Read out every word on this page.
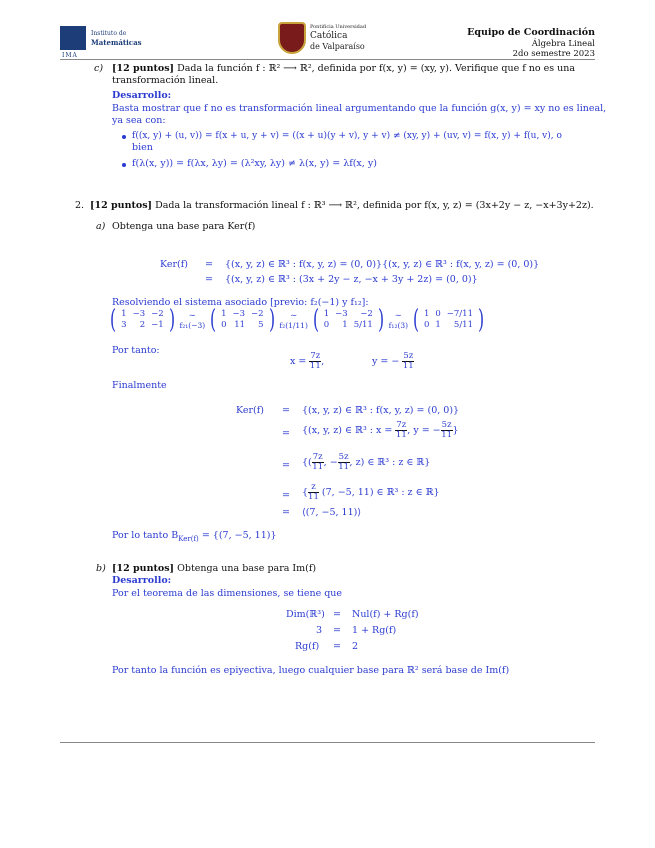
IMA
Instituto de
Matemáticas
Pontificia Universidad
Católica
de Valparaíso
Equipo de Coordinación
Álgebra Lineal
2do semestre 2023
c) [12 puntos] Dada la función f : ℝ² ⟶ ℝ², definida por f(x, y) = (xy, y). Verifique que f no es una
transformación lineal.
Desarrollo:
Basta mostrar que f no es transformación lineal argumentando que la función g(x, y) = xy no es lineal,
ya sea con:
f((x, y) + (u, v)) = f(x + u, y + v) = ((x + u)(y + v), y + v) ≠ (xy, y) + (uv, v) = f(x, y) + f(u, v), o
bien
f(λ(x, y)) = f(λx, λy) = (λ²xy, λy) ≠ λ(x, y) = λf(x, y)
2. [12 puntos] Dada la transformación lineal f : ℝ³ ⟶ ℝ², definida por f(x, y, z) = (3x+2y − z, −x+3y+2z).
a) Obtenga una base para Ker(f)
Ker(f) = {(x, y, z) ∈ ℝ³ : f(x, y, z) = (0, 0)}{(x, y, z) ∈ ℝ³ : f(x, y, z) = (0, 0)}
= {(x, y, z) ∈ ℝ³ : (3x + 2y − z, −x + 3y + 2z) = (0, 0)}
Resolviendo el sistema asociado [previo: f₂(−1) y f₁₂]:
( 1	−3	−2
3	2	−1 )	∼
f₂₁(−3) ( 1	−3	−2
0	11	5 )	∼
f₂(1/11) ( 1	−3	−2
0	1	5/11 )	∼
f₁₂(3) ( 1	0	−7/11
0	1	5/11 )
Por tanto:
$x = \frac{7z}{11}$ ,	y = − $\frac{5z}{11}$
Finalmente
Ker(f) = {(x, y, z) ∈ ℝ³ : f(x, y, z) = (0, 0)}
= {(x, y, z) ∈ ℝ³ : $x = \frac{7z}{11}$ , y = − $\frac{5z}{11}$ }
= {( $\frac{7z}{11}$ , − $\frac{5z}{11}$ , z) ∈ ℝ³ : z ∈ ℝ}
= { $\frac{z}{11} (7$, −5, 11) ∈ ℝ³ : z ∈ ℝ}
= ⟨(7, −5, 11)⟩
Por lo tanto $B_{Ker(f)} = \{(7$, −5, 11)}
b) [12 puntos] Obtenga una base para Im(f)
Desarrollo:
Por el teorema de las dimensiones, se tiene que
Dim(ℝ³) = Nul(f) + Rg(f)
3 = 1 + Rg(f)
Rg(f) = 2
Por tanto la función es epiyectiva, luego cualquier base para ℝ² será base de Im(f)
